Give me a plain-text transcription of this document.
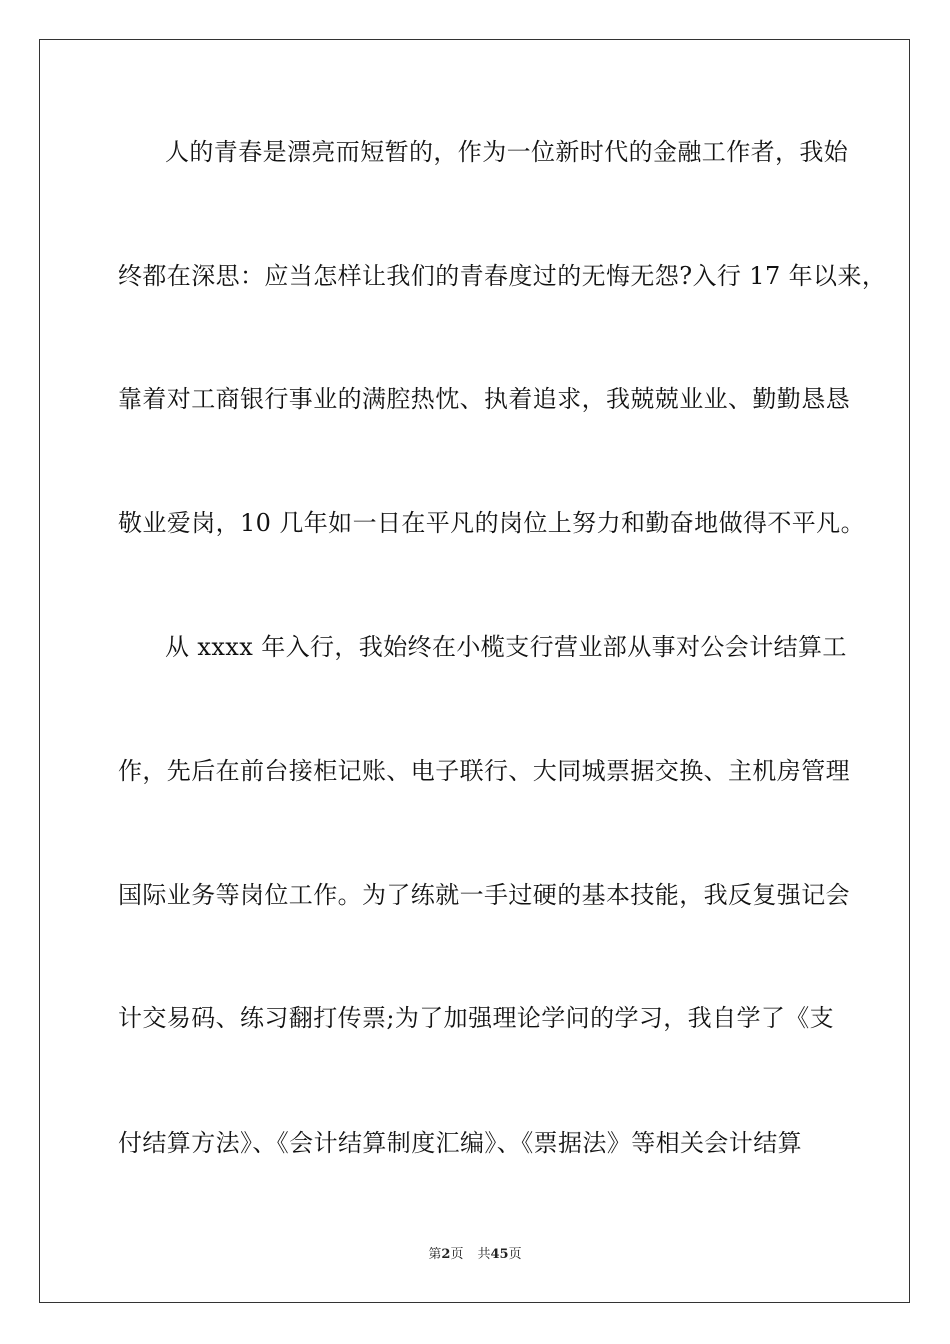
人的青春是漂亮而短暂的，作为一位新时代的金融工作者，我始
终都在深思：应当怎样让我们的青春度过的无悔无怨?入行 17 年以来，
靠着对工商银行事业的满腔热忱、执着追求，我兢兢业业、勤勤恳恳
敬业爱岗，10 几年如一日在平凡的岗位上努力和勤奋地做得不平凡。
从 xxxx 年入行，我始终在小榄支行营业部从事对公会计结算工
作，先后在前台接柜记账、电子联行、大同城票据交换、主机房管理
国际业务等岗位工作。为了练就一手过硬的基本技能，我反复强记会
计交易码、练习翻打传票;为了加强理论学问的学习，我自学了《支
付结算方法》、《会计结算制度汇编》、《票据法》等相关会计结算
第2页 共45页
